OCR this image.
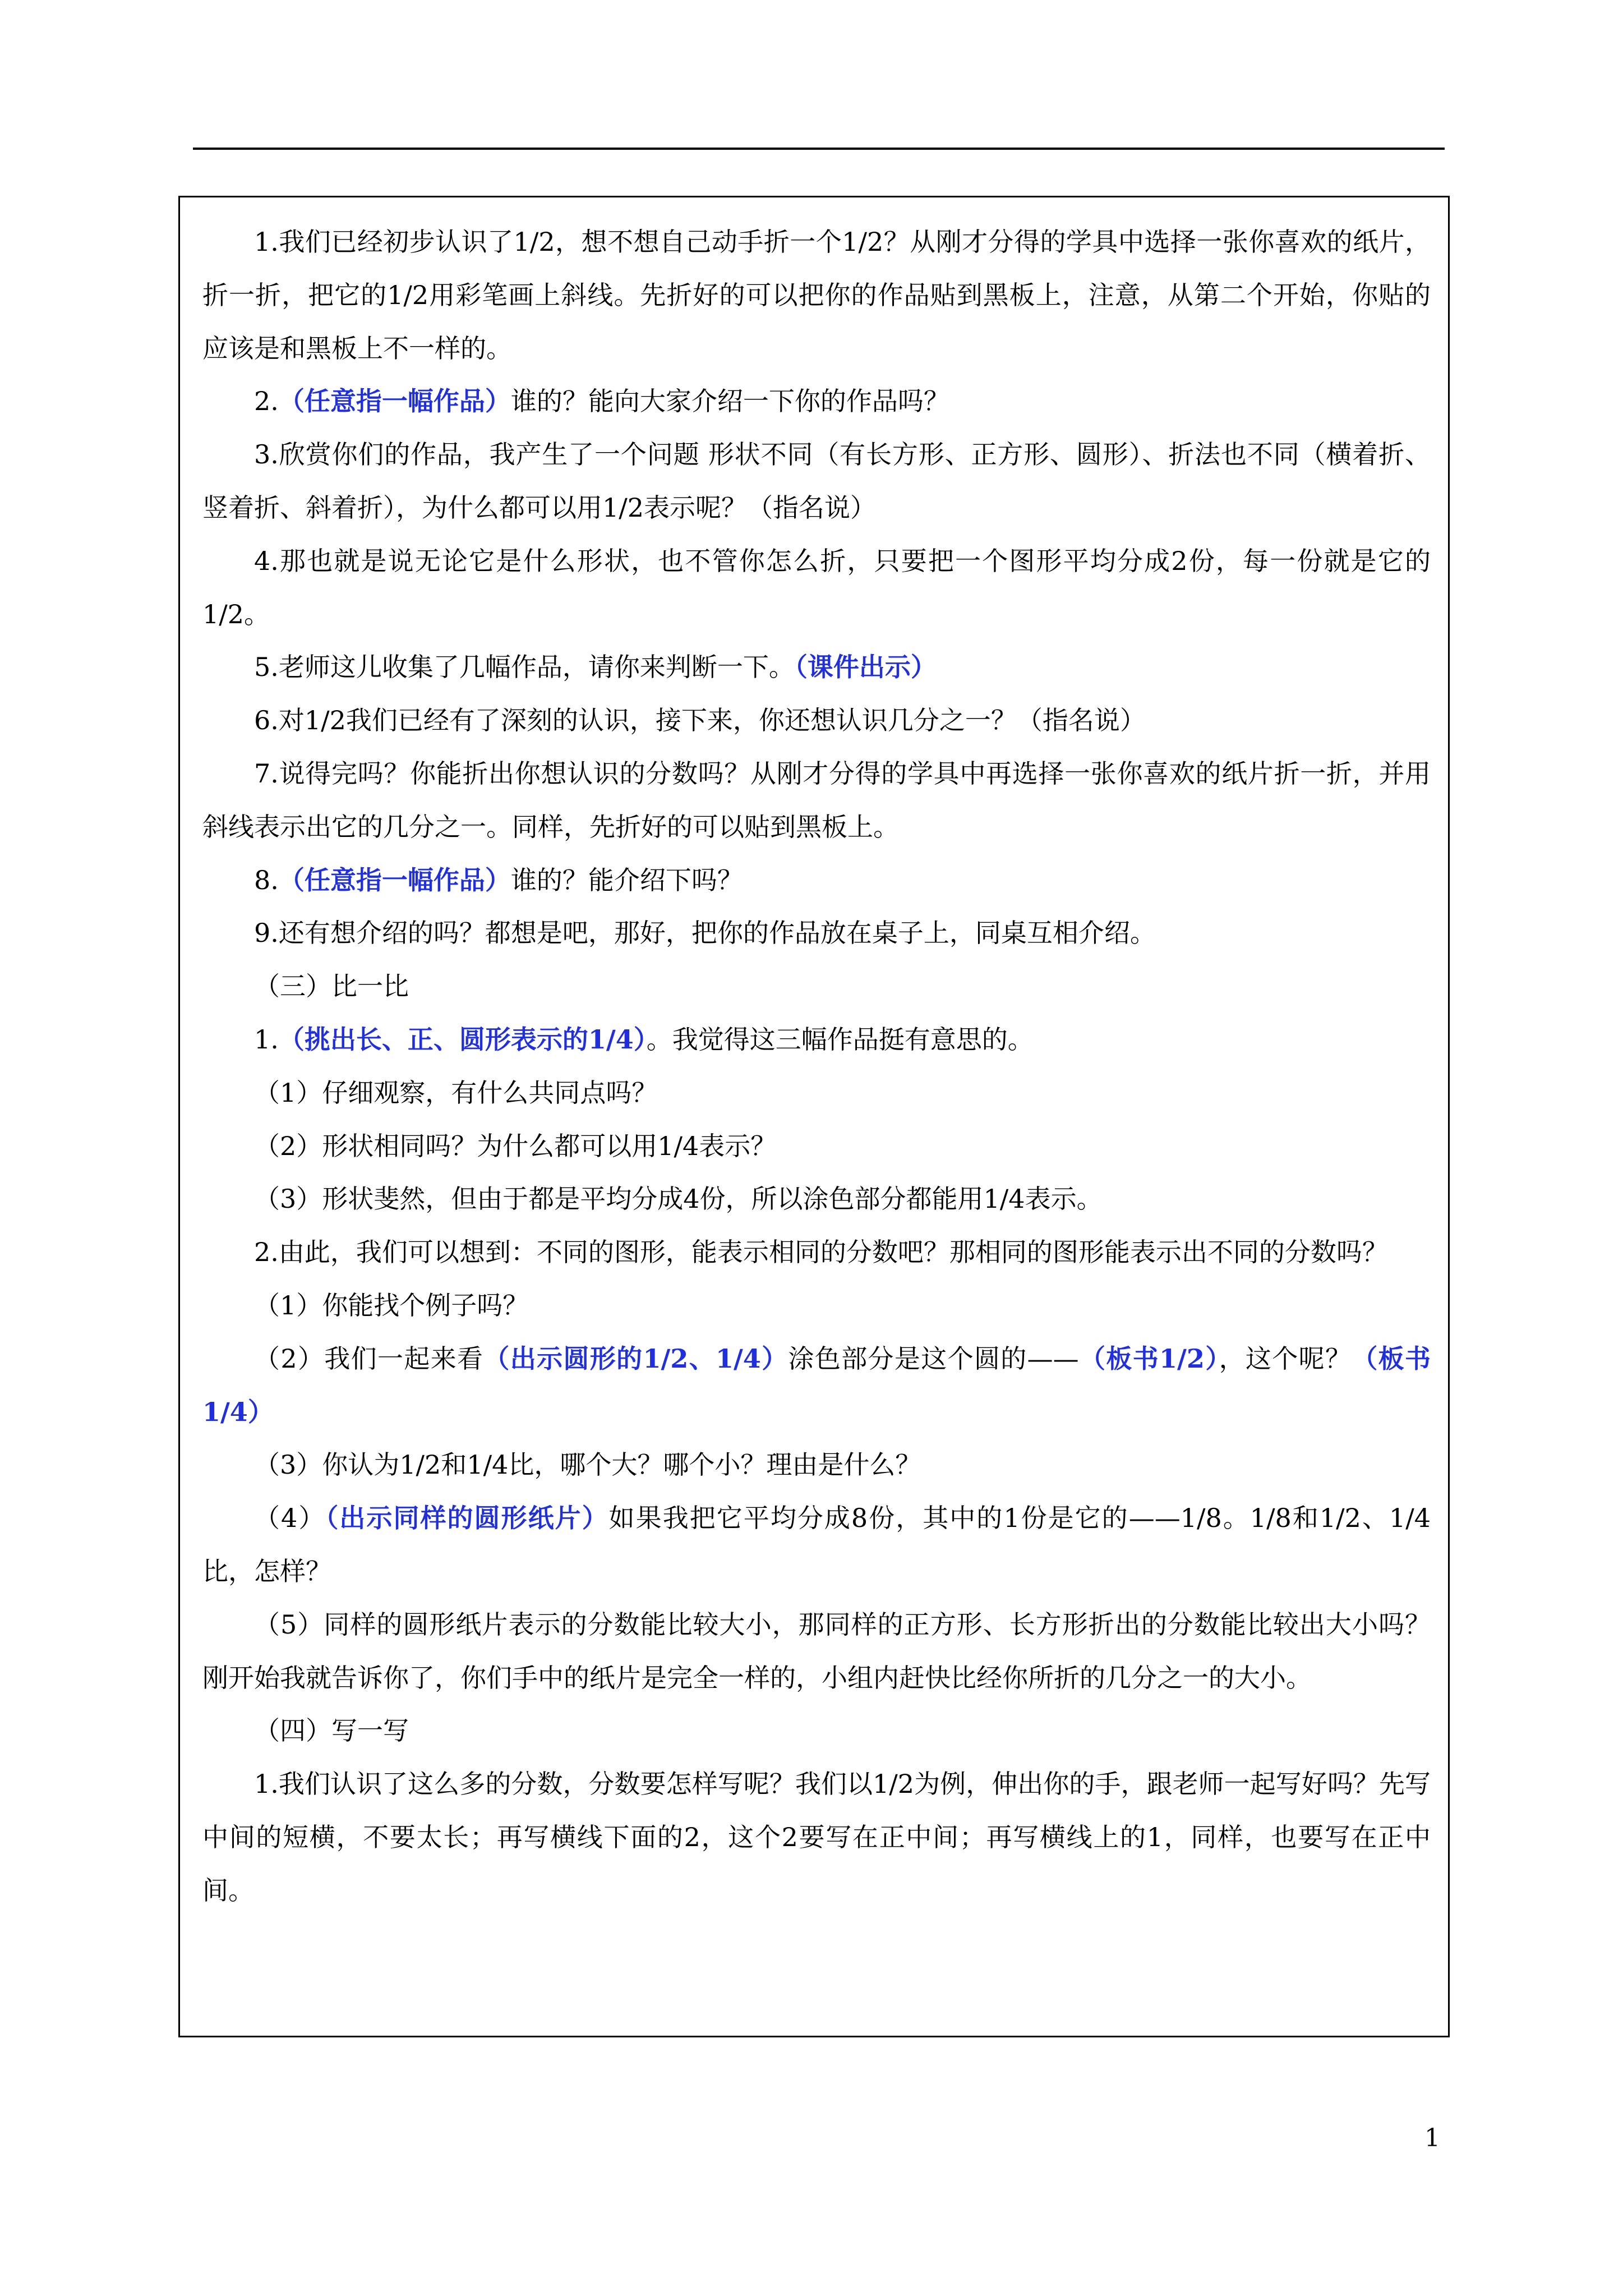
1.我们已经初步认识了1/2，想不想自己动手折一个1/2？从刚才分得的学具中选择一张你喜欢的纸片，折一折，把它的1/2用彩笔画上斜线。先折好的可以把你的作品贴到黑板上，注意，从第二个开始，你贴的应该是和黑板上不一样的。

2.（任意指一幅作品）谁的？能向大家介绍一下你的作品吗？

3.欣赏你们的作品，我产生了一个问题 形状不同（有长方形、正方形、圆形）、折法也不同（横着折、竖着折、斜着折），为什么都可以用1/2表示呢？（指名说）

4.那也就是说无论它是什么形状，也不管你怎么折，只要把一个图形平均分成2份，每一份就是它的1/2。

5.老师这儿收集了几幅作品，请你来判断一下。（课件出示）

6.对1/2我们已经有了深刻的认识，接下来，你还想认识几分之一？（指名说）

7.说得完吗？你能折出你想认识的分数吗？从刚才分得的学具中再选择一张你喜欢的纸片折一折，并用斜线表示出它的几分之一。同样，先折好的可以贴到黑板上。

8.（任意指一幅作品）谁的？能介绍下吗？

9.还有想介绍的吗？都想是吧，那好，把你的作品放在桌子上，同桌互相介绍。

（三）比一比

1.（挑出长、正、圆形表示的1/4）。我觉得这三幅作品挺有意思的。

（1）仔细观察，有什么共同点吗？

（2）形状相同吗？为什么都可以用1/4表示？

（3）形状斐然，但由于都是平均分成4份，所以涂色部分都能用1/4表示。

2.由此，我们可以想到：不同的图形，能表示相同的分数吧？那相同的图形能表示出不同的分数吗？

（1）你能找个例子吗？

（2）我们一起来看（出示圆形的1/2、1/4）涂色部分是这个圆的——（板书1/2），这个呢？（板书1/4）

（3）你认为1/2和1/4比，哪个大？哪个小？理由是什么？

（4）（出示同样的圆形纸片）如果我把它平均分成8份，其中的1份是它的——1/8。1/8和1/2、1/4比，怎样？

（5）同样的圆形纸片表示的分数能比较大小，那同样的正方形、长方形折出的分数能比较出大小吗？刚开始我就告诉你了，你们手中的纸片是完全一样的，小组内赶快比经你所折的几分之一的大小。

（四）写一写

1.我们认识了这么多的分数，分数要怎样写呢？我们以1/2为例，伸出你的手，跟老师一起写好吗？先写中间的短横，不要太长；再写横线下面的2，这个2要写在正中间；再写横线上的1，同样，也要写在正中间。

1
